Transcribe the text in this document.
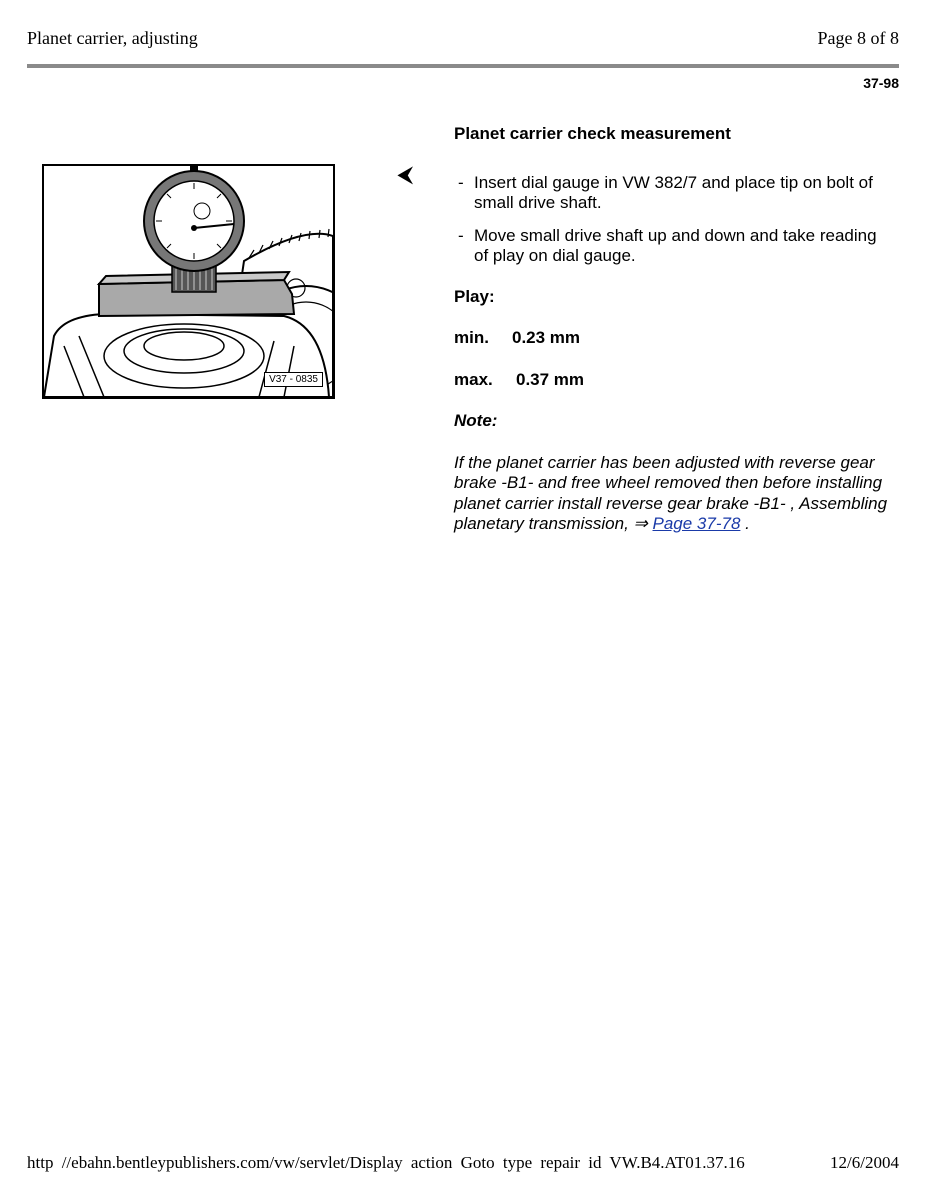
Planet carrier, adjusting	Page 8 of 8
37-98
V37 - 0835
⮜
Planet carrier check measurement
- Insert dial gauge in VW 382/7 and place tip on bolt of small drive shaft.
- Move small drive shaft up and down and take reading of play on dial gauge.
Play:
min. 0.23 mm
max. 0.37 mm
Note:

If the planet carrier has been adjusted with reverse gear brake -B1- and free wheel removed then before installing planet carrier install reverse gear brake -B1- , Assembling planetary transmission, ⇒ Page 37-78 .

http //ebahn.bentleypublishers.com/vw/servlet/Display action Goto type repair id VW.B4.AT01.37.16	12/6/2004
